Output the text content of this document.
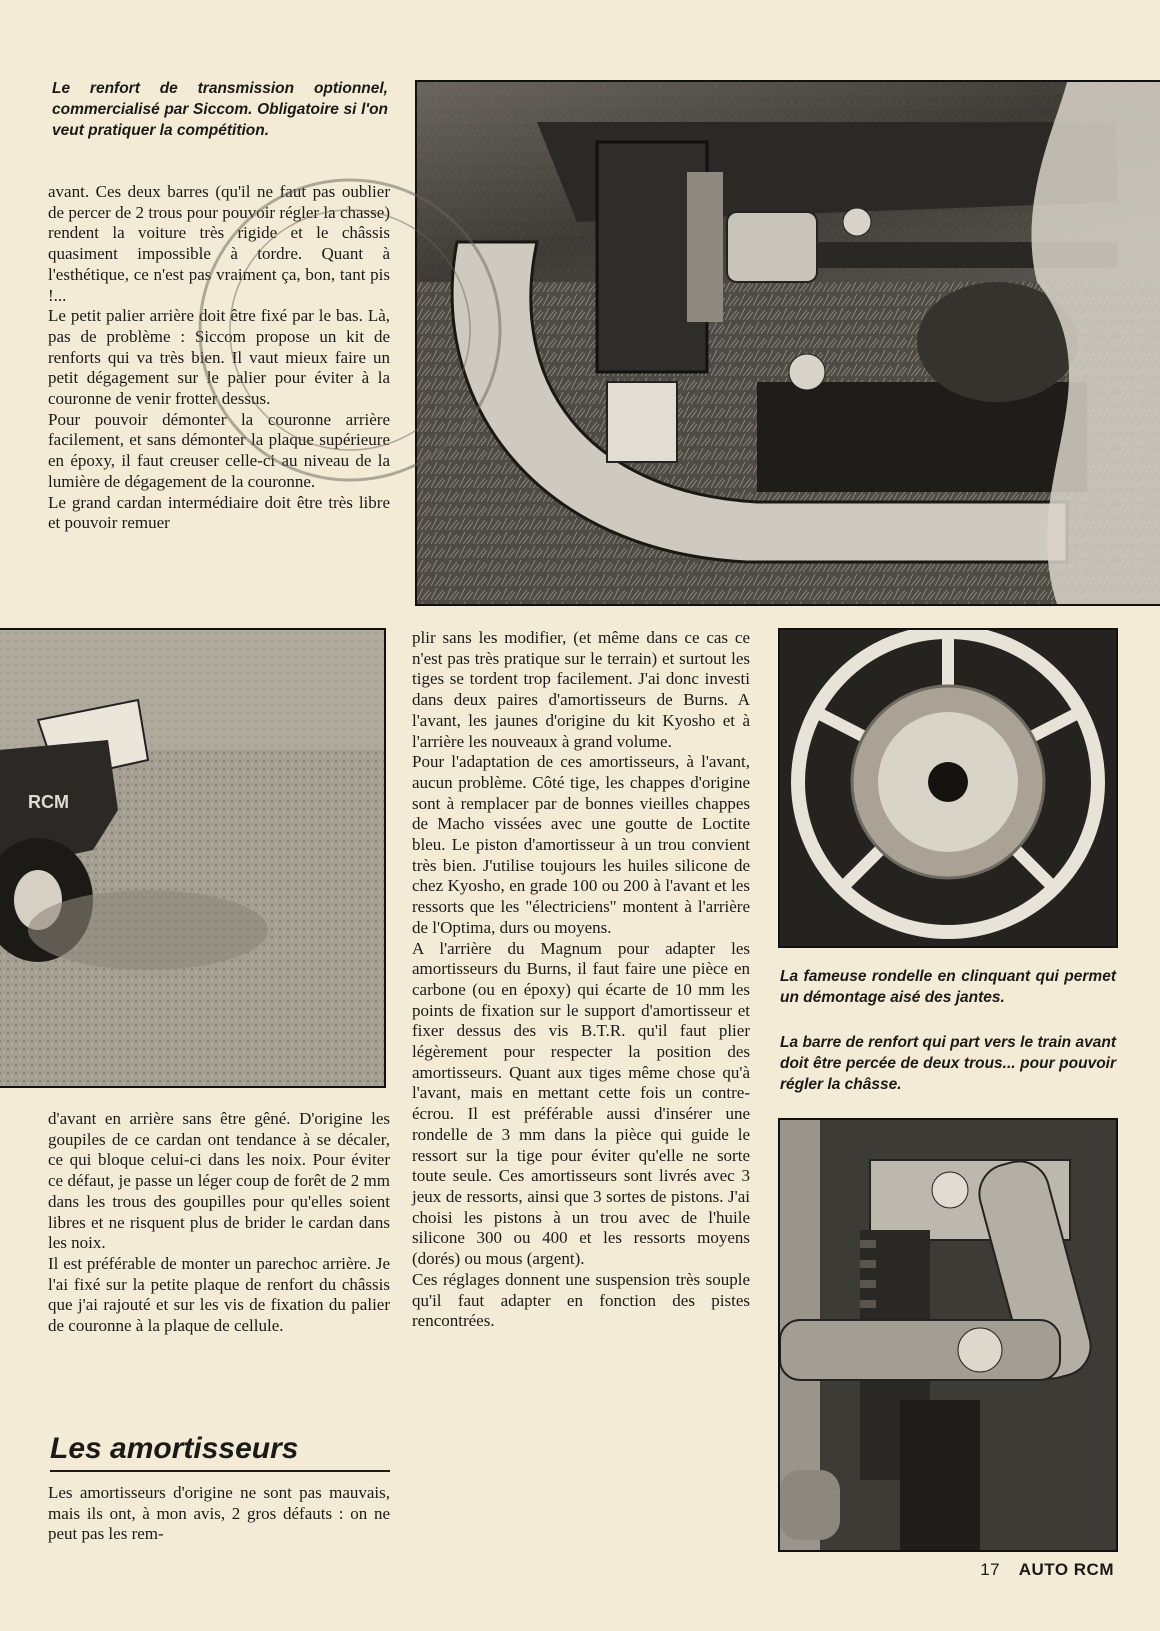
Le renfort de transmission optionnel, commercialisé par Siccom. Obligatoire si l'on veut pratiquer la compétition.

avant. Ces deux barres (qu'il ne faut pas oublier de percer de 2 trous pour pouvoir régler la chasse) rendent la voiture très rigide et le châssis quasiment impossible à tordre. Quant à l'esthétique, ce n'est pas vraiment ça, bon, tant pis !...

Le petit palier arrière doit être fixé par le bas. Là, pas de problème : Siccom propose un kit de renforts qui va très bien. Il vaut mieux faire un petit dégagement sur le palier pour éviter à la couronne de venir frotter dessus.

Pour pouvoir démonter la couronne arrière facilement, et sans démonter la plaque supérieure en époxy, il faut creuser celle-ci au niveau de la lumière de dégagement de la couronne.

Le grand cardan intermédiaire doit être très libre et pouvoir remuer

RCM

d'avant en arrière sans être gêné. D'origine les goupiles de ce cardan ont tendance à se décaler, ce qui bloque celui-ci dans les noix. Pour éviter ce défaut, je passe un léger coup de forêt de 2 mm dans les trous des goupilles pour qu'elles soient libres et ne risquent plus de brider le cardan dans les noix.

Il est préférable de monter un parechoc arrière. Je l'ai fixé sur la petite plaque de renfort du châssis que j'ai rajouté et sur les vis de fixation du palier de couronne à la plaque de cellule.

Les amortisseurs

Les amortisseurs d'origine ne sont pas mauvais, mais ils ont, à mon avis, 2 gros défauts : on ne peut pas les rem-

plir sans les modifier, (et même dans ce cas ce n'est pas très pratique sur le terrain) et surtout les tiges se tordent trop facilement. J'ai donc investi dans deux paires d'amortisseurs de Burns. A l'avant, les jaunes d'origine du kit Kyosho et à l'arrière les nouveaux à grand volume.

Pour l'adaptation de ces amortisseurs, à l'avant, aucun problème. Côté tige, les chappes d'origine sont à remplacer par de bonnes vieilles chappes de Macho vissées avec une goutte de Loctite bleu. Le piston d'amortisseur à un trou convient très bien. J'utilise toujours les huiles silicone de chez Kyosho, en grade 100 ou 200 à l'avant et les ressorts que les "électriciens" montent à l'arrière de l'Optima, durs ou moyens.

A l'arrière du Magnum pour adapter les amortisseurs du Burns, il faut faire une pièce en carbone (ou en époxy) qui écarte de 10 mm les points de fixation sur le support d'amortisseur et fixer dessus des vis B.T.R. qu'il faut plier légèrement pour respecter la position des amortisseurs. Quant aux tiges même chose qu'à l'avant, mais en mettant cette fois un contre-écrou. Il est préférable aussi d'insérer une rondelle de 3 mm dans la pièce qui guide le ressort sur la tige pour éviter qu'elle ne sorte toute seule. Ces amortisseurs sont livrés avec 3 jeux de ressorts, ainsi que 3 sortes de pistons. J'ai choisi les pistons à un trou avec de l'huile silicone 300 ou 400 et les ressorts moyens (dorés) ou mous (argent).

Ces réglages donnent une suspension très souple qu'il faut adapter en fonction des pistes rencontrées.

La fameuse rondelle en clinquant qui permet un démontage aisé des jantes.
La barre de renfort qui part vers le train avant doit être percée de deux trous... pour pouvoir régler la châsse.
17 AUTO RCM
